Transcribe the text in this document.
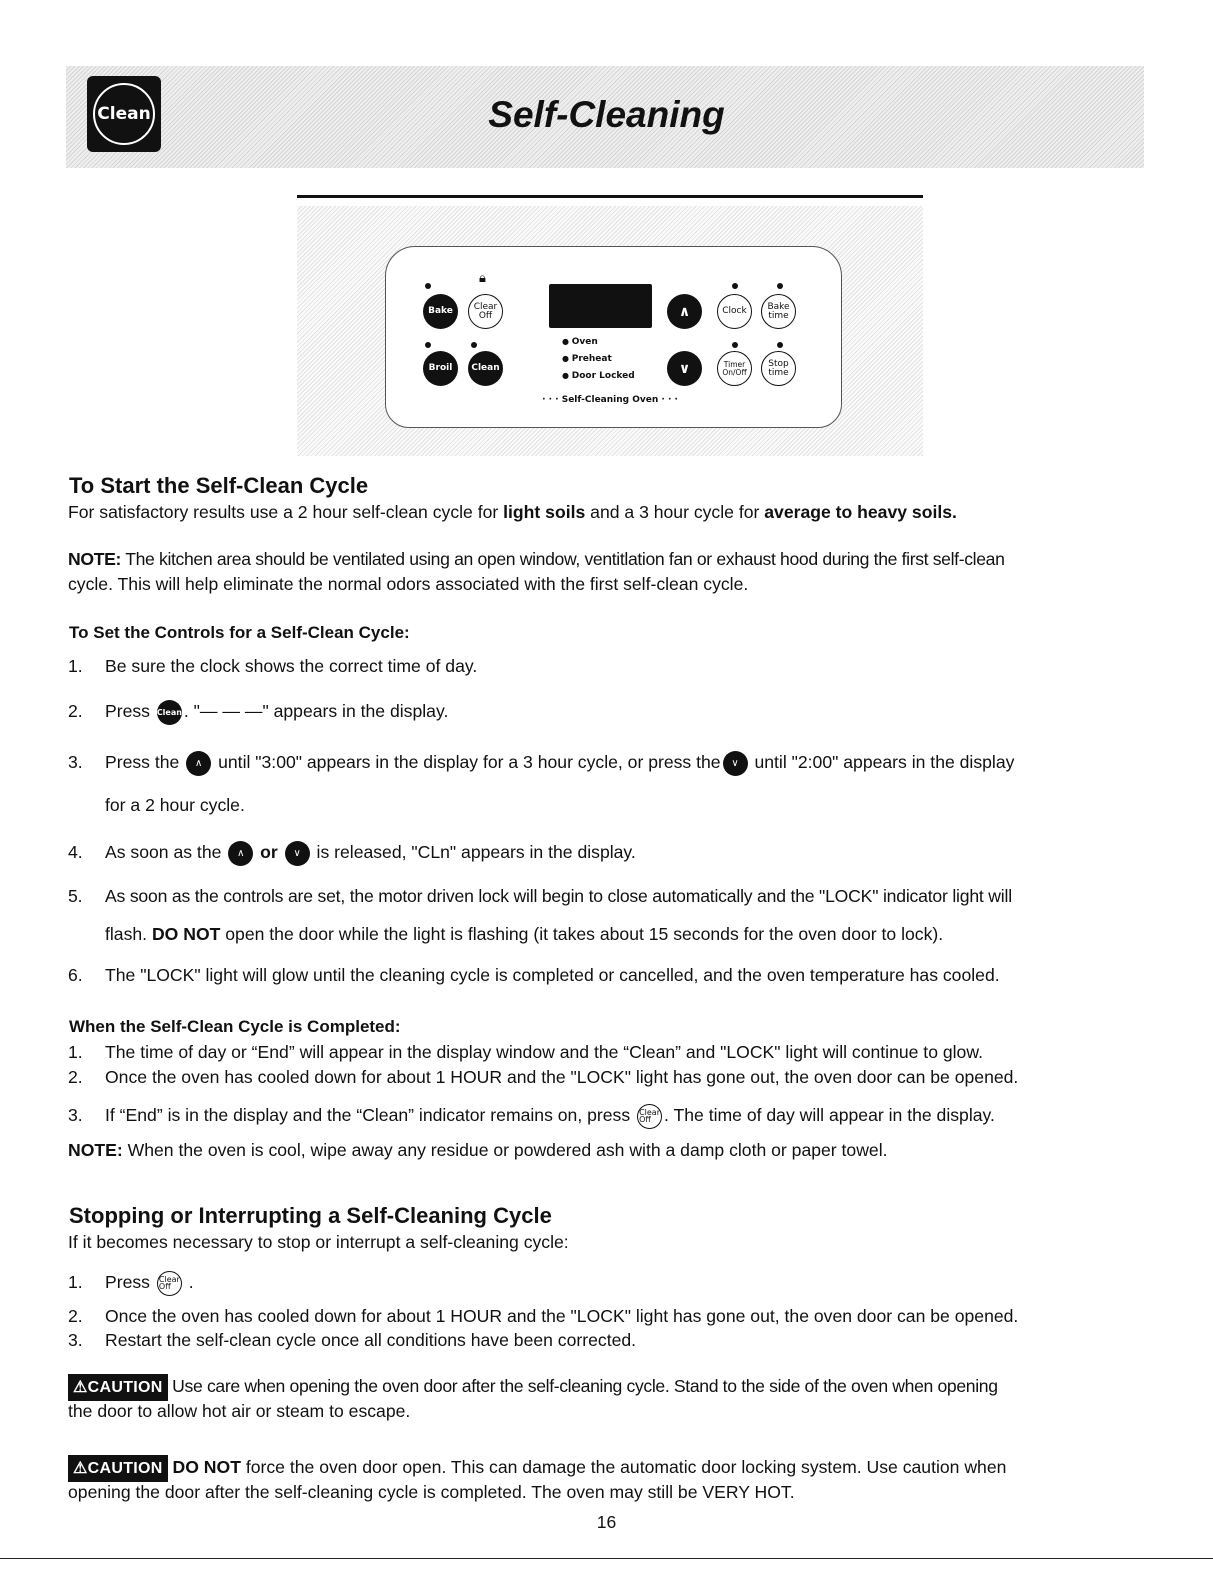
Clean	Self-Cleaning
🔒︎
Bake	Clear
Off
Broil	Clean
∧
∨
Clock	Bake
time
Timer
On/Off
Stop
time
● Oven
● Preheat
● Door Locked
· · · Self-Cleaning Oven · · ·
To Start the Self-Clean Cycle
For satisfactory results use a 2 hour self-clean cycle for light soils and a 3 hour cycle for average to heavy soils.
NOTE: The kitchen area should be ventilated using an open window, ventitlation fan or exhaust hood during the first self-clean
cycle. This will help eliminate the normal odors associated with the first self-clean cycle.
To Set the Controls for a Self-Clean Cycle:
1. Be sure the clock shows the correct time of day.
2. Press Clean . "— — —" appears in the display.
3. Press the ∧ until "3:00" appears in the display for a 3 hour cycle, or press the ∨ until "2:00" appears in the display
for a 2 hour cycle.
4. As soon as the ∧ or ∨ is released, "CLn" appears in the display.
5. As soon as the controls are set, the motor driven lock will begin to close automatically and the "LOCK" indicator light will
flash. DO NOT open the door while the light is flashing (it takes about 15 seconds for the oven door to lock).
6. The "LOCK" light will glow until the cleaning cycle is completed or cancelled, and the oven temperature has cooled.
When the Self-Clean Cycle is Completed:
1. The time of day or “End” will appear in the display window and the “Clean” and "LOCK" light will continue to glow.
2. Once the oven has cooled down for about 1 HOUR and the "LOCK" light has gone out, the oven door can be opened.
3. If “End” is in the display and the “Clean” indicator remains on, press Clear
Off . The time of day will appear in the display.
NOTE: When the oven is cool, wipe away any residue or powdered ash with a damp cloth or paper towel.
Stopping or Interrupting a Self-Cleaning Cycle
If it becomes necessary to stop or interrupt a self-cleaning cycle:
1. Press Clear
Off .
2. Once the oven has cooled down for about 1 HOUR and the "LOCK" light has gone out, the oven door can be opened.
3. Restart the self-clean cycle once all conditions have been corrected.
⚠CAUTION Use care when opening the oven door after the self-cleaning cycle. Stand to the side of the oven when opening
the door to allow hot air or steam to escape.
⚠CAUTION DO NOT force the oven door open. This can damage the automatic door locking system. Use caution when
opening the door after the self-cleaning cycle is completed. The oven may still be VERY HOT.
16
